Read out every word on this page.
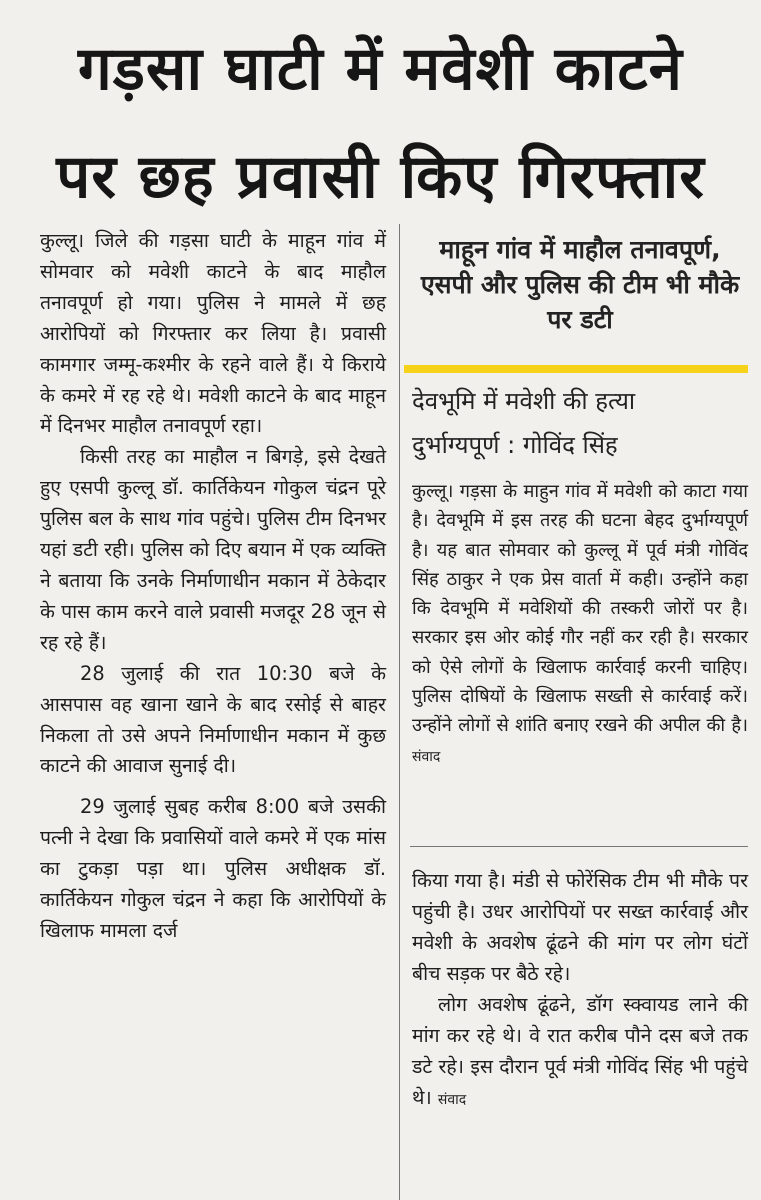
गड़सा घाटी में मवेशी काटने
पर छह प्रवासी किए गिरफ्तार

कुल्लू। जिले की गड़सा घाटी के माहून गांव में सोमवार को मवेशी काटने के बाद माहौल तनावपूर्ण हो गया। पुलिस ने मामले में छह आरोपियों को गिरफ्तार कर लिया है। प्रवासी कामगार जम्मू-कश्मीर के रहने वाले हैं। ये किराये के कमरे में रह रहे थे। मवेशी काटने के बाद माहून में दिनभर माहौल तनावपूर्ण रहा।

किसी तरह का माहौल न बिगड़े, इसे देखते हुए एसपी कुल्लू डॉ. कार्तिकेयन गोकुल चंद्रन पूरे पुलिस बल के साथ गांव पहुंचे। पुलिस टीम दिनभर यहां डटी रही। पुलिस को दिए बयान में एक व्यक्ति ने बताया कि उनके निर्माणाधीन मकान में ठेकेदार के पास काम करने वाले प्रवासी मजदूर 28 जून से रह रहे हैं।

28 जुलाई की रात 10:30 बजे के आसपास वह खाना खाने के बाद रसोई से बाहर निकला तो उसे अपने निर्माणाधीन मकान में कुछ काटने की आवाज सुनाई दी।

29 जुलाई सुबह करीब 8:00 बजे उसकी पत्नी ने देखा कि प्रवासियों वाले कमरे में एक मांस का टुकड़ा पड़ा था। पुलिस अधीक्षक डॉ. कार्तिकेयन गोकुल चंद्रन ने कहा कि आरोपियों के खिलाफ मामला दर्ज

माहून गांव में माहौल तनावपूर्ण, एसपी और पुलिस की टीम भी मौके पर डटी
देवभूमि में मवेशी की हत्या
दुर्भाग्यपूर्ण : गोविंद सिंह

कुल्लू। गड़सा के माहुन गांव में मवेशी को काटा गया है। देवभूमि में इस तरह की घटना बेहद दुर्भाग्यपूर्ण है। यह बात सोमवार को कुल्लू में पूर्व मंत्री गोविंद सिंह ठाकुर ने एक प्रेस वार्ता में कही। उन्होंने कहा कि देवभूमि में मवेशियों की तस्करी जोरों पर है। सरकार इस ओर कोई गौर नहीं कर रही है। सरकार को ऐसे लोगों के खिलाफ कार्रवाई करनी चाहिए। पुलिस दोषियों के खिलाफ सख्ती से कार्रवाई करें। उन्होंने लोगों से शांति बनाए रखने की अपील की है। संवाद

किया गया है। मंडी से फोरेंसिक टीम भी मौके पर पहुंची है। उधर आरोपियों पर सख्त कार्रवाई और मवेशी के अवशेष ढूंढने की मांग पर लोग घंटों बीच सड़क पर बैठे रहे।

लोग अवशेष ढूंढने, डॉग स्क्वायड लाने की मांग कर रहे थे। वे रात करीब पौने दस बजे तक डटे रहे। इस दौरान पूर्व मंत्री गोविंद सिंह भी पहुंचे थे। संवाद
